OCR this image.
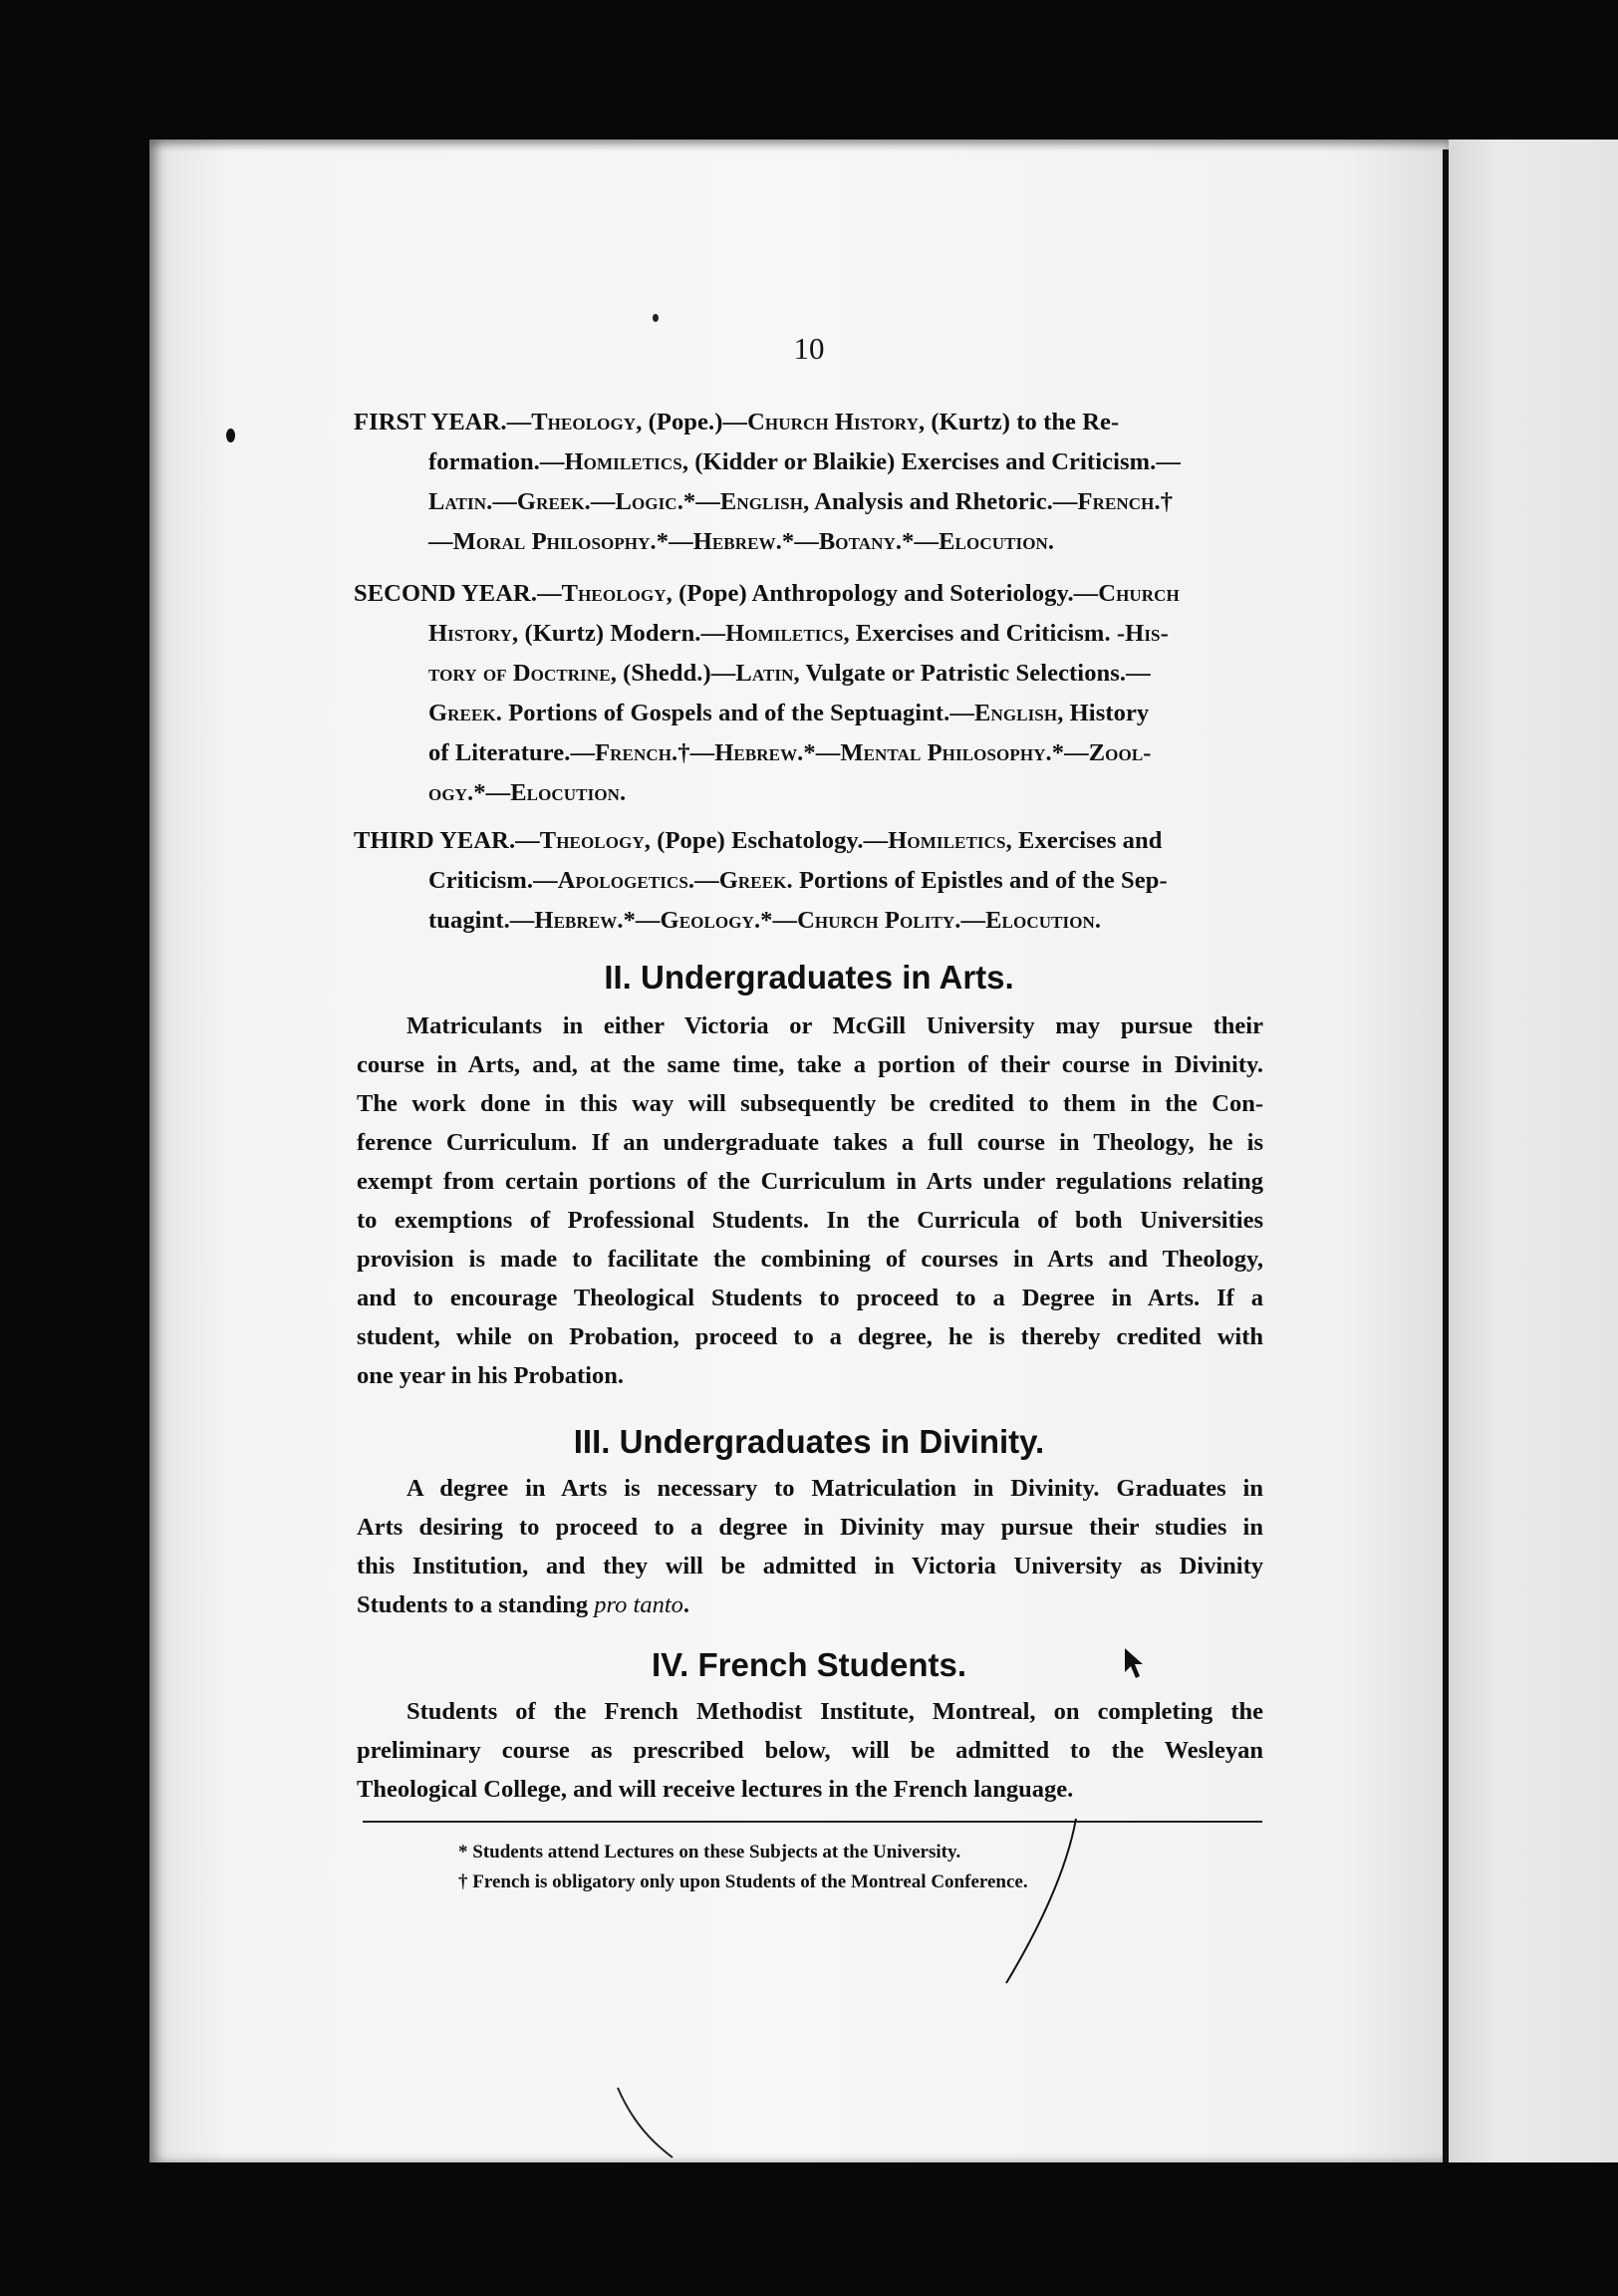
10
FIRST YEAR.—Theology, (Pope.)—Church History, (Kurtz) to the Re-
formation.—Homiletics, (Kidder or Blaikie) Exercises and Criticism.—
Latin.—Greek.—Logic.*—English, Analysis and Rhetoric.—French.†
—Moral Philosophy.*—Hebrew.*—Botany.*—Elocution.
SECOND YEAR.—Theology, (Pope) Anthropology and Soteriology.—Church
History, (Kurtz) Modern.—Homiletics, Exercises and Criticism. -His-
tory of Doctrine, (Shedd.)—Latin, Vulgate or Patristic Selections.—
Greek. Portions of Gospels and of the Septuagint.—English, History
of Literature.—French.†—Hebrew.*—Mental Philosophy.*—Zool-
ogy.*—Elocution.
THIRD YEAR.—Theology, (Pope) Eschatology.—Homiletics, Exercises and
Criticism.—Apologetics.—Greek. Portions of Epistles and of the Sep-
tuagint.—Hebrew.*—Geology.*—Church Polity.—Elocution.
II. Undergraduates in Arts.
Matriculants in either Victoria or McGill University may pursue their
course in Arts, and, at the same time, take a portion of their course in Divinity.
The work done in this way will subsequently be credited to them in the Con-
ference Curriculum. If an undergraduate takes a full course in Theology, he is
exempt from certain portions of the Curriculum in Arts under regulations relating
to exemptions of Professional Students. In the Curricula of both Universities
provision is made to facilitate the combining of courses in Arts and Theology,
and to encourage Theological Students to proceed to a Degree in Arts. If a
student, while on Probation, proceed to a degree, he is thereby credited with
one year in his Probation.
III. Undergraduates in Divinity.
A degree in Arts is necessary to Matriculation in Divinity. Graduates in
Arts desiring to proceed to a degree in Divinity may pursue their studies in
this Institution, and they will be admitted in Victoria University as Divinity
Students to a standing pro tanto.
IV. French Students.
Students of the French Methodist Institute, Montreal, on completing the
preliminary course as prescribed below, will be admitted to the Wesleyan
Theological College, and will receive lectures in the French language.
* Students attend Lectures on these Subjects at the University.
† French is obligatory only upon Students of the Montreal Conference.
